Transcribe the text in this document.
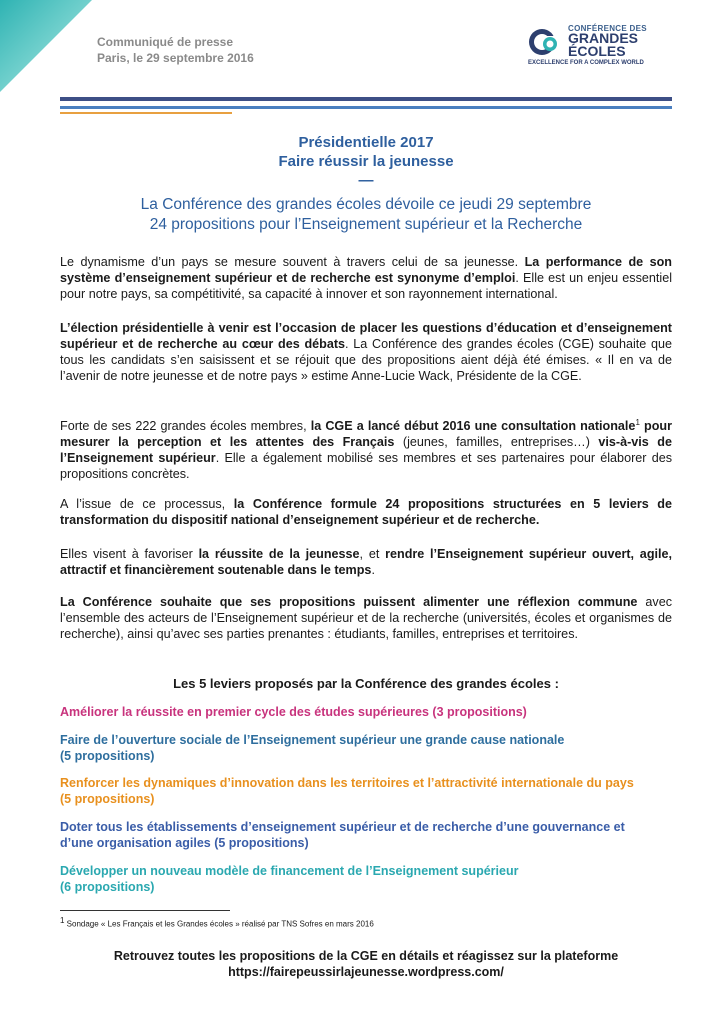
Communiqué de presse
Paris, le 29 septembre 2016
CONFÉRENCE DES
GRANDES
ÉCOLES
EXCELLENCE FOR A COMPLEX WORLD
Présidentielle 2017
Faire réussir la jeunesse
—
La Conférence des grandes écoles dévoile ce jeudi 29 septembre
24 propositions pour l’Enseignement supérieur et la Recherche
Le dynamisme d’un pays se mesure souvent à travers celui de sa jeunesse. La performance de son système d’enseignement supérieur et de recherche est synonyme d’emploi. Elle est un enjeu essentiel pour notre pays, sa compétitivité, sa capacité à innover et son rayonnement international.
L’élection présidentielle à venir est l’occasion de placer les questions d’éducation et d’enseignement supérieur et de recherche au cœur des débats. La Conférence des grandes écoles (CGE) souhaite que tous les candidats s’en saisissent et se réjouit que des propositions aient déjà été émises. « Il en va de l’avenir de notre jeunesse et de notre pays » estime Anne-Lucie Wack, Présidente de la CGE.
Forte de ses 222 grandes écoles membres, la CGE a lancé début 2016 une consultation nationale$^1$ pour mesurer la perception et les attentes des Français (jeunes, familles, entreprises…) vis-à-vis de l’Enseignement supérieur. Elle a également mobilisé ses membres et ses partenaires pour élaborer des propositions concrètes.
A l’issue de ce processus, la Conférence formule 24 propositions structurées en 5 leviers de transformation du dispositif national d’enseignement supérieur et de recherche.
Elles visent à favoriser la réussite de la jeunesse, et rendre l’Enseignement supérieur ouvert, agile, attractif et financièrement soutenable dans le temps.
La Conférence souhaite que ses propositions puissent alimenter une réflexion commune avec l’ensemble des acteurs de l’Enseignement supérieur et de la recherche (universités, écoles et organismes de recherche), ainsi qu’avec ses parties prenantes : étudiants, familles, entreprises et territoires.
Les 5 leviers proposés par la Conférence des grandes écoles :
Améliorer la réussite en premier cycle des études supérieures (3 propositions)
Faire de l’ouverture sociale de l’Enseignement supérieur une grande cause nationale
(5 propositions)
Renforcer les dynamiques d’innovation dans les territoires et l’attractivité internationale du pays
(5 propositions)
Doter tous les établissements d’enseignement supérieur et de recherche d’une gouvernance et
d’une organisation agiles (5 propositions)
Développer un nouveau modèle de financement de l’Enseignement supérieur
(6 propositions)
$^1$ Sondage « Les Français et les Grandes écoles » réalisé par TNS Sofres en mars 2016
Retrouvez toutes les propositions de la CGE en détails et réagissez sur la plateforme
https://faireреussirlajeunesse.wordpress.com/
